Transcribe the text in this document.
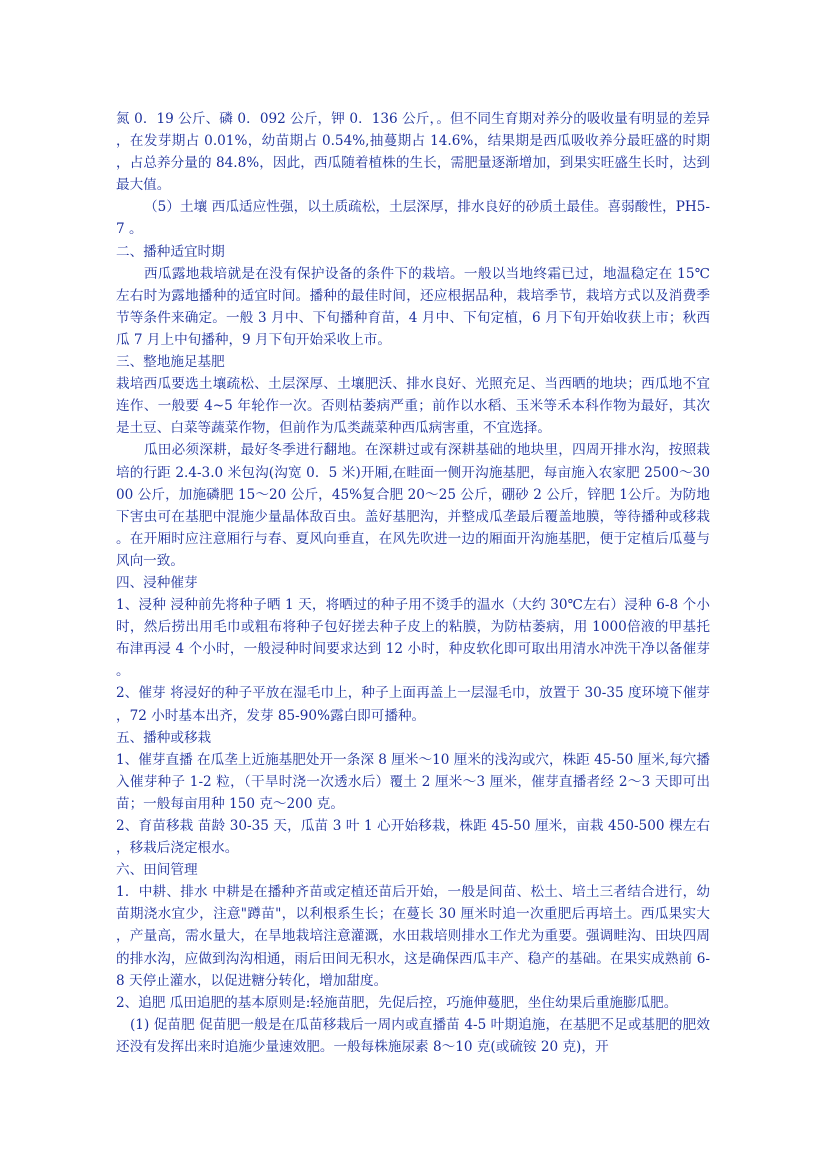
氮 0．19 公斤、磷 0．092 公斤，钾 0．136 公斤，。但不同生育期对养分的吸收量有明显的差异，在发芽期占 0.01%，幼苗期占 0.54%,抽蔓期占 14.6%，结果期是西瓜吸收养分最旺盛的时期，占总养分量的 84.8%，因此，西瓜随着植株的生长，需肥量逐渐增加，到果实旺盛生长时，达到最大值。

（5）土壤 西瓜适应性强，以土质疏松，土层深厚，排水良好的砂质土最佳。喜弱酸性，PH5-7 。

二、播种适宜时期

西瓜露地栽培就是在没有保护设备的条件下的栽培。一般以当地终霜已过，地温稳定在 15℃左右时为露地播种的适宜时间。播种的最佳时间，还应根据品种，栽培季节，栽培方式以及消费季节等条件来确定。一般 3 月中、下旬播种育苗，4 月中、下旬定植，6 月下旬开始收获上市；秋西瓜 7 月上中旬播种，9 月下旬开始采收上市。

三、整地施足基肥

栽培西瓜要选土壤疏松、土层深厚、土壤肥沃、排水良好、光照充足、当西晒的地块；西瓜地不宜连作、一般要 4~5 年轮作一次。否则枯萎病严重；前作以水稻、玉米等禾本科作物为最好，其次是土豆、白菜等蔬菜作物，但前作为瓜类蔬菜种西瓜病害重，不宜选择。

瓜田必须深耕，最好冬季进行翻地。在深耕过或有深耕基础的地块里，四周开排水沟，按照栽培的行距 2.4-3.0 米包沟(沟宽 0．5 米)开厢,在畦面一侧开沟施基肥，每亩施入农家肥 2500～3000 公斤，加施磷肥 15～20 公斤，45%复合肥 20～25 公斤，硼砂 2 公斤，锌肥 1公斤。为防地下害虫可在基肥中混施少量晶体敌百虫。盖好基肥沟，并整成瓜垄最后覆盖地膜，等待播种或移栽。在开厢时应注意厢行与春、夏风向垂直，在风先吹进一边的厢面开沟施基肥，便于定植后瓜蔓与风向一致。

四、浸种催芽

1、浸种 浸种前先将种子晒 1 天，将晒过的种子用不烫手的温水（大约 30℃左右）浸种 6-8 个小时，然后捞出用毛巾或粗布将种子包好搓去种子皮上的粘膜，为防枯萎病，用 1000倍液的甲基托布津再浸 4 个小时，一般浸种时间要求达到 12 小时，种皮软化即可取出用清水冲洗干净以备催芽。

2、催芽 将浸好的种子平放在湿毛巾上，种子上面再盖上一层湿毛巾，放置于 30-35 度环境下催芽，72 小时基本出齐，发芽 85-90%露白即可播种。

五、播种或移栽

1、催芽直播 在瓜垄上近施基肥处开一条深 8 厘米～10 厘米的浅沟或穴，株距 45-50 厘米,每穴播入催芽种子 1-2 粒，（干旱时浇一次透水后）覆土 2 厘米～3 厘米，催芽直播者经 2～3 天即可出苗；一般每亩用种 150 克～200 克。

2、育苗移栽 苗龄 30-35 天，瓜苗 3 叶 1 心开始移栽，株距 45-50 厘米，亩栽 450-500 棵左右，移栽后浇定根水。

六、田间管理

1．中耕、排水 中耕是在播种齐苗或定植还苗后开始，一般是间苗、松土、培土三者结合进行，幼苗期浇水宜少，注意"蹲苗"，以利根系生长；在蔓长 30 厘米时追一次重肥后再培土。西瓜果实大，产量高，需水量大，在旱地栽培注意灌溉，水田栽培则排水工作尤为重要。强调畦沟、田块四周的排水沟，应做到沟沟相通，雨后田间无积水，这是确保西瓜丰产、稳产的基础。在果实成熟前 6-8 天停止灌水，以促进糖分转化，增加甜度。

2、追肥 瓜田追肥的基本原则是:轻施苗肥，先促后控，巧施伸蔓肥，坐住幼果后重施膨瓜肥。

(1) 促苗肥 促苗肥一般是在瓜苗移栽后一周内或直播苗 4-5 叶期追施，在基肥不足或基肥的肥效还没有发挥出来时追施少量速效肥。一般每株施尿素 8～10 克(或硫铵 20 克)，开
